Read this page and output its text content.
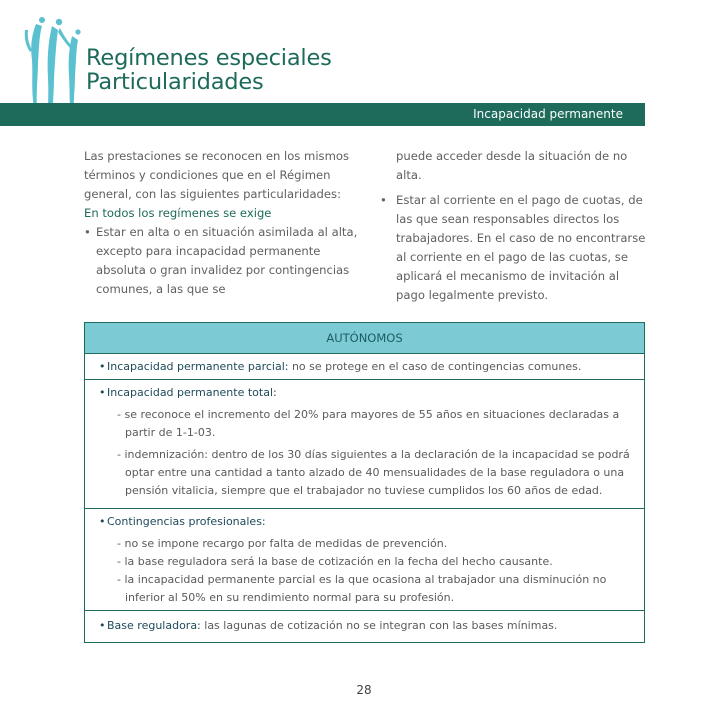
Regímenes especiales
Particularidades
Incapacidad permanente

Las prestaciones se reconocen en los mismos términos y condiciones que en el Régimen general, con las siguientes particularidades:

En todos los regímenes se exige

• Estar en alta o en situación asimilada al alta, excepto para incapacidad permanente absoluta o gran invalidez por contingencias comunes, a las que se

puede acceder desde la situación de no alta.

• Estar al corriente en el pago de cuotas, de las que sean responsables directos los trabajadores. En el caso de no encontrarse al corriente en el pago de las cuotas, se aplicará el mecanismo de invitación al pago legalmente previsto.

AUTÓNOMOS
• Incapacidad permanente parcial: no se protege en el caso de contingencias comunes.
• Incapacidad permanente total:
- se reconoce el incremento del 20% para mayores de 55 años en situaciones declaradas a partir de 1-1-03.
- indemnización: dentro de los 30 días siguientes a la declaración de la incapacidad se podrá optar entre una cantidad a tanto alzado de 40 mensualidades de la base reguladora o una pensión vitalicia, siempre que el trabajador no tuviese cumplidos los 60 años de edad.
• Contingencias profesionales:
- no se impone recargo por falta de medidas de prevención.
- la base reguladora será la base de cotización en la fecha del hecho causante.
- la incapacidad permanente parcial es la que ocasiona al trabajador una disminución no inferior al 50% en su rendimiento normal para su profesión.
• Base reguladora: las lagunas de cotización no se integran con las bases mínimas.
28
